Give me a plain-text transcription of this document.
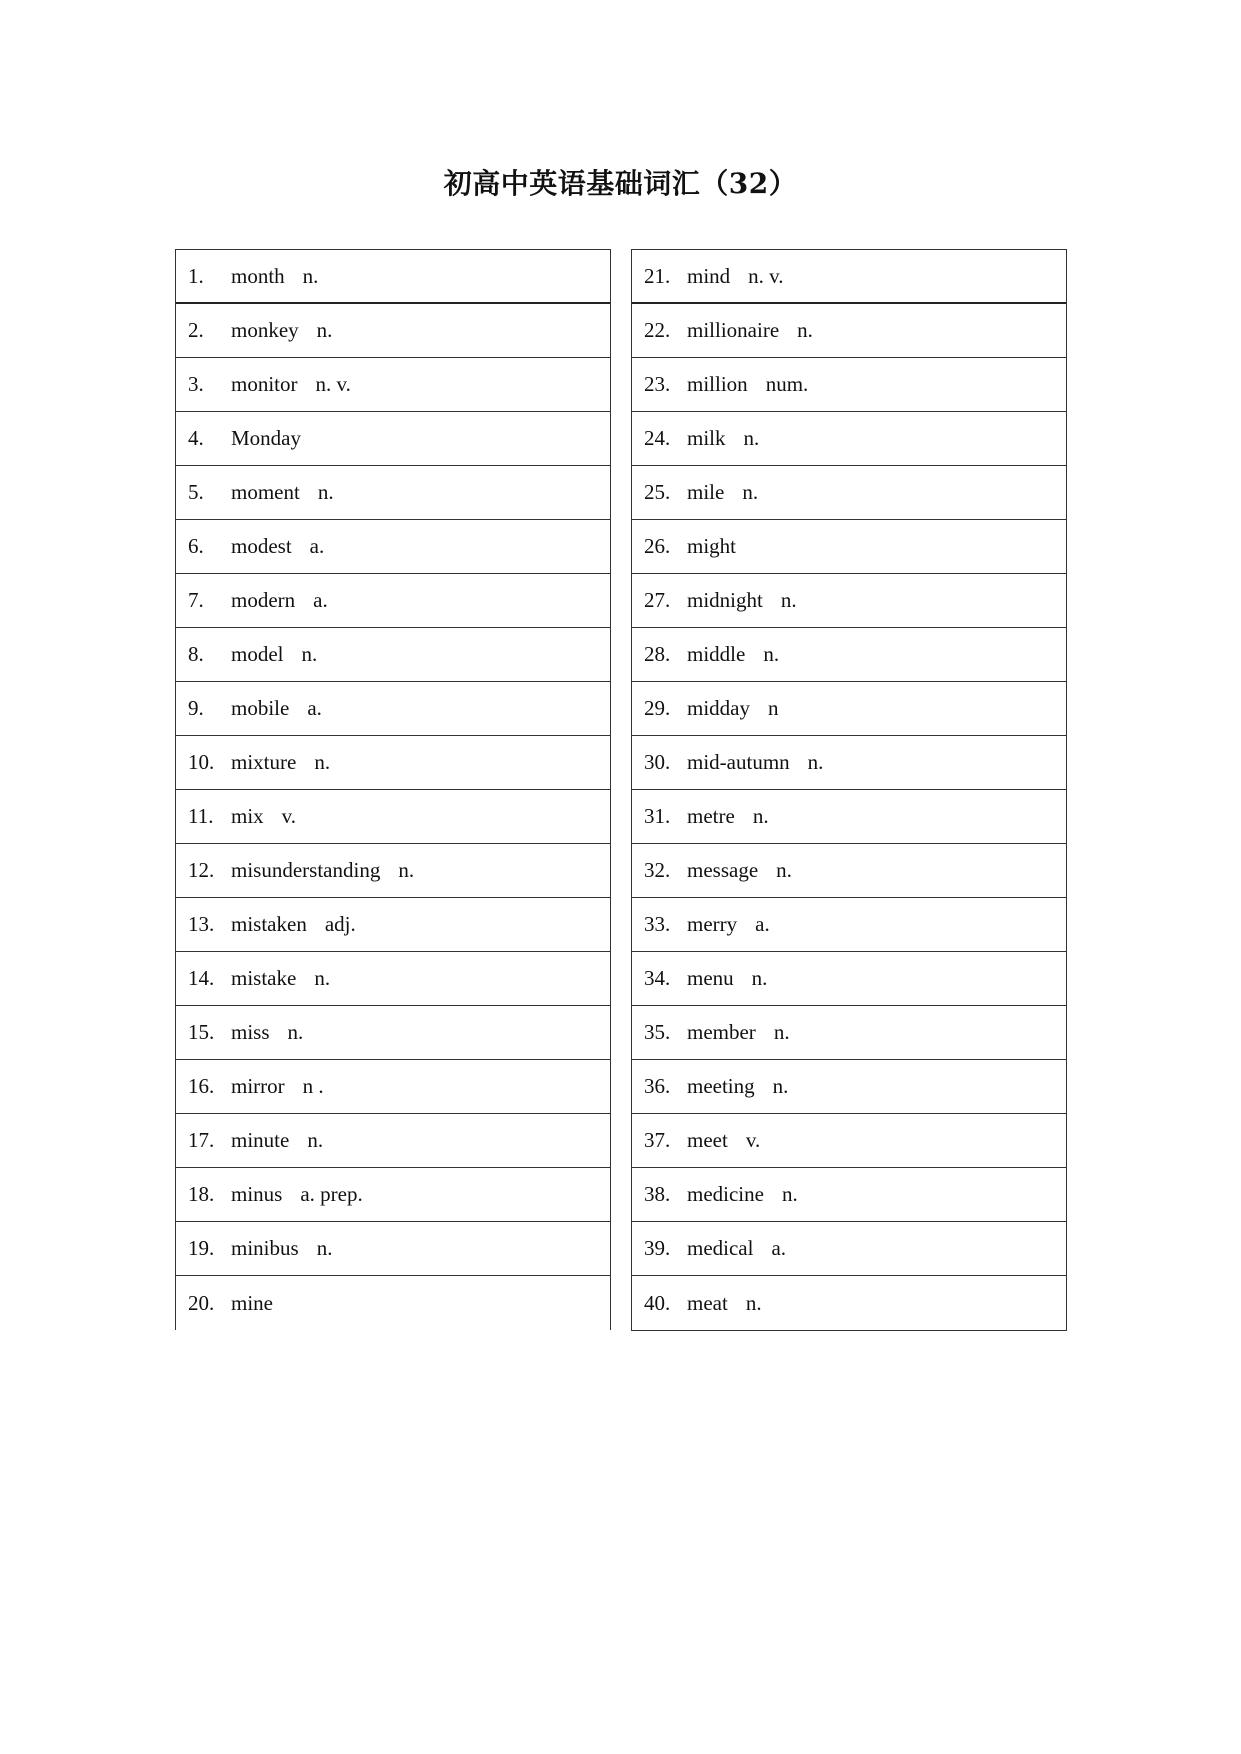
初高中英语基础词汇（32）
1.	month n.
2.	monkey n.
3.	monitor n. v.
4.	Monday
5.	moment n.
6.	modest a.
7.	modern a.
8.	model n.
9.	mobile a.
10. mixture n.
11. mix v.
12. misunderstanding n.
13. mistaken adj.
14. mistake n.
15. miss n.
16. mirror n .
17. minute n.
18. minus a. prep.
19. minibus n.
20. mine
21. mind n. v.
22. millionaire n.
23. million num.
24. milk n.
25. mile n.
26. might
27. midnight n.
28. middle n.
29. midday n
30. mid-autumn n.
31. metre n.
32. message n.
33. merry a.
34. menu n.
35. member n.
36. meeting n.
37. meet v.
38. medicine n.
39. medical a.
40. meat n.
